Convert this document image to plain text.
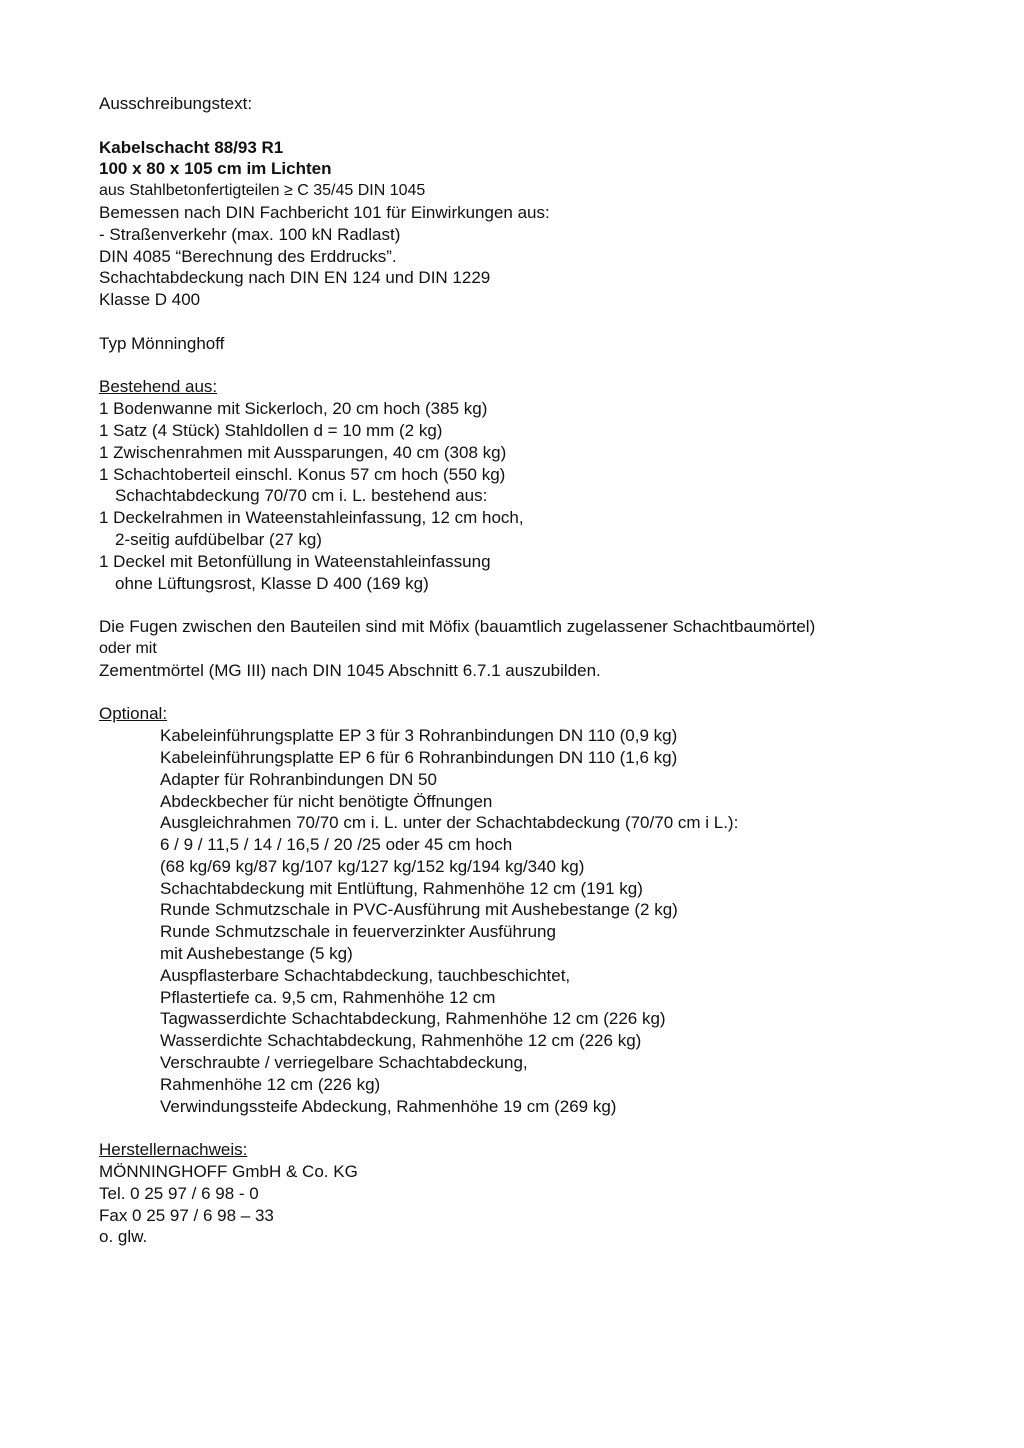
Ausschreibungstext:

Kabelschacht 88/93 R1

100 x 80 x 105 cm im Lichten

aus Stahlbetonfertigteilen ≥ C 35/45 DIN 1045

Bemessen nach DIN Fachbericht 101 für Einwirkungen aus:

- Straßenverkehr (max. 100 kN Radlast)

DIN 4085 “Berechnung des Erddrucks”.

Schachtabdeckung nach DIN EN 124 und DIN 1229

Klasse D 400

Typ Mönninghoff

Bestehend aus:

1 Bodenwanne mit Sickerloch, 20 cm hoch (385 kg)

1 Satz (4 Stück) Stahldollen d = 10 mm (2 kg)

1 Zwischenrahmen mit Aussparungen, 40 cm (308 kg)

1 Schachtoberteil einschl. Konus 57 cm hoch (550 kg)

Schachtabdeckung 70/70 cm i. L. bestehend aus:

1 Deckelrahmen in Wateenstahleinfassung, 12 cm hoch,

2-seitig aufdübelbar (27 kg)

1 Deckel mit Betonfüllung in Wateenstahleinfassung

ohne Lüftungsrost, Klasse D 400 (169 kg)

Die Fugen zwischen den Bauteilen sind mit Möfix (bauamtlich zugelassener Schachtbaumörtel)

oder mit

Zementmörtel (MG III) nach DIN 1045 Abschnitt 6.7.1 auszubilden.

Optional:

Kabeleinführungsplatte EP 3 für 3 Rohranbindungen DN 110 (0,9 kg)

Kabeleinführungsplatte EP 6 für 6 Rohranbindungen DN 110 (1,6 kg)

Adapter für Rohranbindungen DN 50

Abdeckbecher für nicht benötigte Öffnungen

Ausgleichrahmen 70/70 cm i. L. unter der Schachtabdeckung (70/70 cm i L.):

6 / 9 / 11,5 / 14 / 16,5 / 20 /25 oder 45 cm hoch

(68 kg/69 kg/87 kg/107 kg/127 kg/152 kg/194 kg/340 kg)

Schachtabdeckung mit Entlüftung, Rahmenhöhe 12 cm (191 kg)

Runde Schmutzschale in PVC-Ausführung mit Aushebestange (2 kg)

Runde Schmutzschale in feuerverzinkter Ausführung

mit Aushebestange (5 kg)

Auspflasterbare Schachtabdeckung, tauchbeschichtet,

Pflastertiefe ca. 9,5 cm, Rahmenhöhe 12 cm

Tagwasserdichte Schachtabdeckung, Rahmenhöhe 12 cm (226 kg)

Wasserdichte Schachtabdeckung, Rahmenhöhe 12 cm (226 kg)

Verschraubte / verriegelbare Schachtabdeckung,

Rahmenhöhe 12 cm (226 kg)

Verwindungssteife Abdeckung, Rahmenhöhe 19 cm (269 kg)

Herstellernachweis:

MÖNNINGHOFF GmbH & Co. KG

Tel. 0 25 97 / 6 98 - 0

Fax 0 25 97 / 6 98 – 33

o. glw.
